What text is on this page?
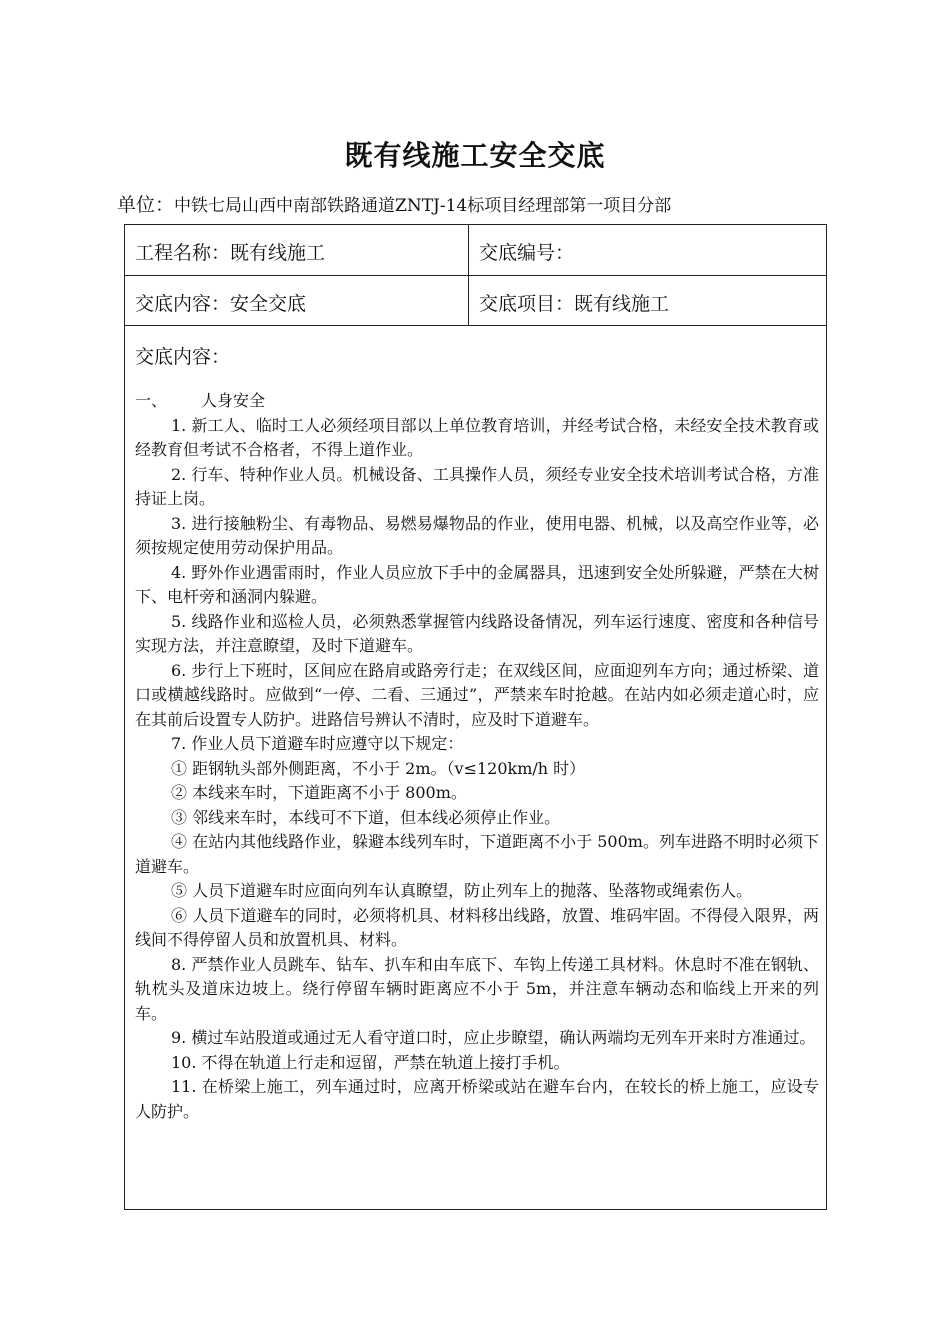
既有线施工安全交底
单位：中铁七局山西中南部铁路通道ZNTJ-14标项目经理部第一项目分部
工程名称：既有线施工	交底编号：
交底内容：安全交底	交底项目：既有线施工
交底内容：

一、	人身安全

1. 新工人、临时工人必须经项目部以上单位教育培训，并经考试合格，未经安全技术教育或经教育但考试不合格者，不得上道作业。

2. 行车、特种作业人员。机械设备、工具操作人员，须经专业安全技术培训考试合格，方准持证上岗。

3. 进行接触粉尘、有毒物品、易燃易爆物品的作业，使用电器、机械，以及高空作业等，必须按规定使用劳动保护用品。

4. 野外作业遇雷雨时，作业人员应放下手中的金属器具，迅速到安全处所躲避，严禁在大树下、电杆旁和涵洞内躲避。

5. 线路作业和巡检人员，必须熟悉掌握管内线路设备情况，列车运行速度、密度和各种信号实现方法，并注意瞭望，及时下道避车。

6. 步行上下班时，区间应在路肩或路旁行走；在双线区间，应面迎列车方向；通过桥梁、道口或横越线路时。应做到“一停、二看、三通过”，严禁来车时抢越。在站内如必须走道心时，应在其前后设置专人防护。进路信号辨认不清时，应及时下道避车。

7. 作业人员下道避车时应遵守以下规定：

① 距钢轨头部外侧距离，不小于 2m。（v≤120km/h 时）

② 本线来车时，下道距离不小于 800m。

③ 邻线来车时，本线可不下道，但本线必须停止作业。

④ 在站内其他线路作业，躲避本线列车时，下道距离不小于 500m。列车进路不明时必须下道避车。

⑤ 人员下道避车时应面向列车认真瞭望，防止列车上的抛落、坠落物或绳索伤人。

⑥ 人员下道避车的同时，必须将机具、材料移出线路，放置、堆码牢固。不得侵入限界，两线间不得停留人员和放置机具、材料。

8. 严禁作业人员跳车、钻车、扒车和由车底下、车钩上传递工具材料。休息时不准在钢轨、轨枕头及道床边坡上。绕行停留车辆时距离应不小于 5m，并注意车辆动态和临线上开来的列车。

9. 横过车站股道或通过无人看守道口时，应止步瞭望，确认两端均无列车开来时方准通过。

10. 不得在轨道上行走和逗留，严禁在轨道上接打手机。

11. 在桥梁上施工，列车通过时，应离开桥梁或站在避车台内，在较长的桥上施工，应设专人防护。
